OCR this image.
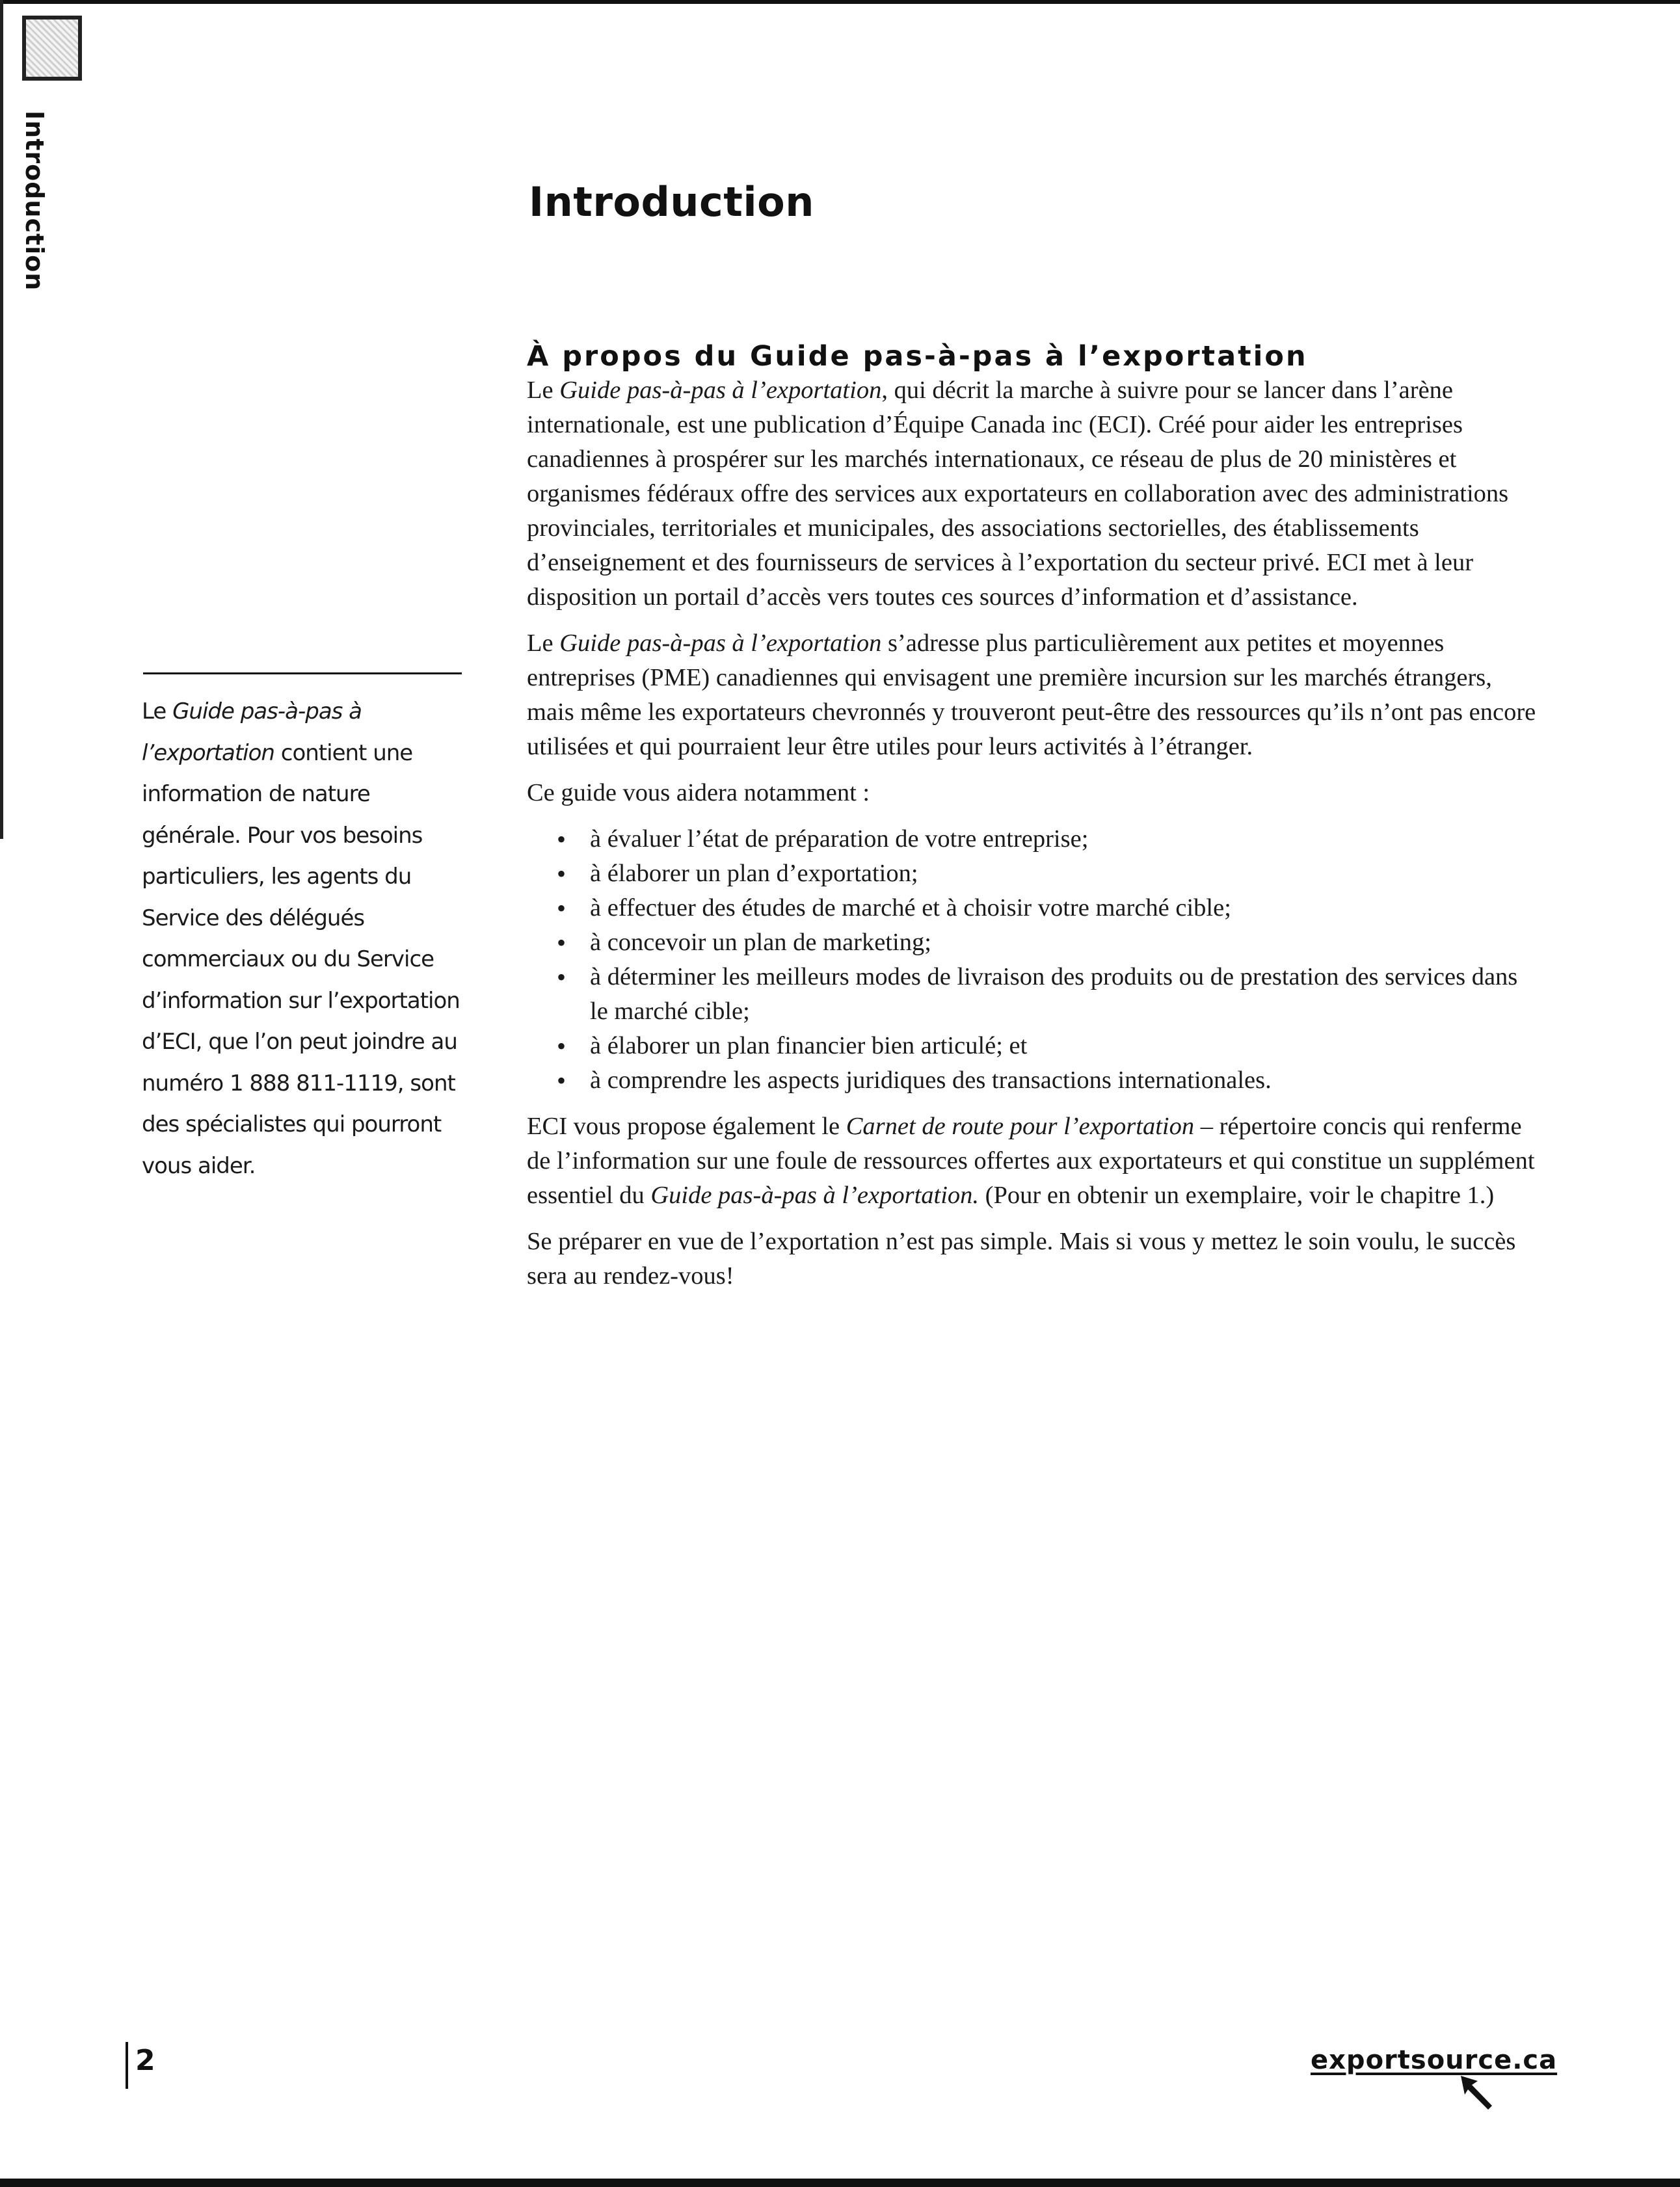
Introduction	Introduction
À propos du Guide pas-à-pas à l’exportation

Le Guide pas-à-pas à l’exportation, qui décrit la marche à suivre pour se lancer dans l’arène internationale, est une publication d’Équipe Canada inc (ECI). Créé pour aider les entreprises canadiennes à prospérer sur les marchés internationaux, ce réseau de plus de 20 ministères et organismes fédéraux offre des services aux exportateurs en collaboration avec des administrations provinciales, territoriales et municipales, des associations sectorielles, des établissements d’enseignement et des fournisseurs de services à l’exportation du secteur privé. ECI met à leur disposition un portail d’accès vers toutes ces sources d’information et d’assistance.

Le Guide pas-à-pas à l’exportation s’adresse plus particulièrement aux petites et moyennes entreprises (PME) canadiennes qui envisagent une première incursion sur les marchés étrangers, mais même les exportateurs chevronnés y trouveront peut-être des ressources qu’ils n’ont pas encore utilisées et qui pourraient leur être utiles pour leurs activités à l’étranger.

Ce guide vous aidera notamment :

• à évaluer l’état de préparation de votre entreprise;
• à élaborer un plan d’exportation;
• à effectuer des études de marché et à choisir votre marché cible;
• à concevoir un plan de marketing;
• à déterminer les meilleurs modes de livraison des produits ou de prestation des services dans le marché cible;
• à élaborer un plan financier bien articulé; et
• à comprendre les aspects juridiques des transactions internationales.

ECI vous propose également le Carnet de route pour l’exportation – répertoire concis qui renferme de l’information sur une foule de ressources offertes aux exportateurs et qui constitue un supplément essentiel du Guide pas-à-pas à l’exportation. (Pour en obtenir un exemplaire, voir le chapitre 1.)

Se préparer en vue de l’exportation n’est pas simple. Mais si vous y mettez le soin voulu, le succès sera au rendez-vous!

Le Guide pas-à-pas à l’exportation contient une information de nature générale. Pour vos besoins particuliers, les agents du Service des délégués commerciaux ou du Service d’information sur l’exportation d’ECI, que l’on peut joindre au numéro 1 888 811-1119, sont des spécialistes qui pourront vous aider.
2	exportsource.ca
